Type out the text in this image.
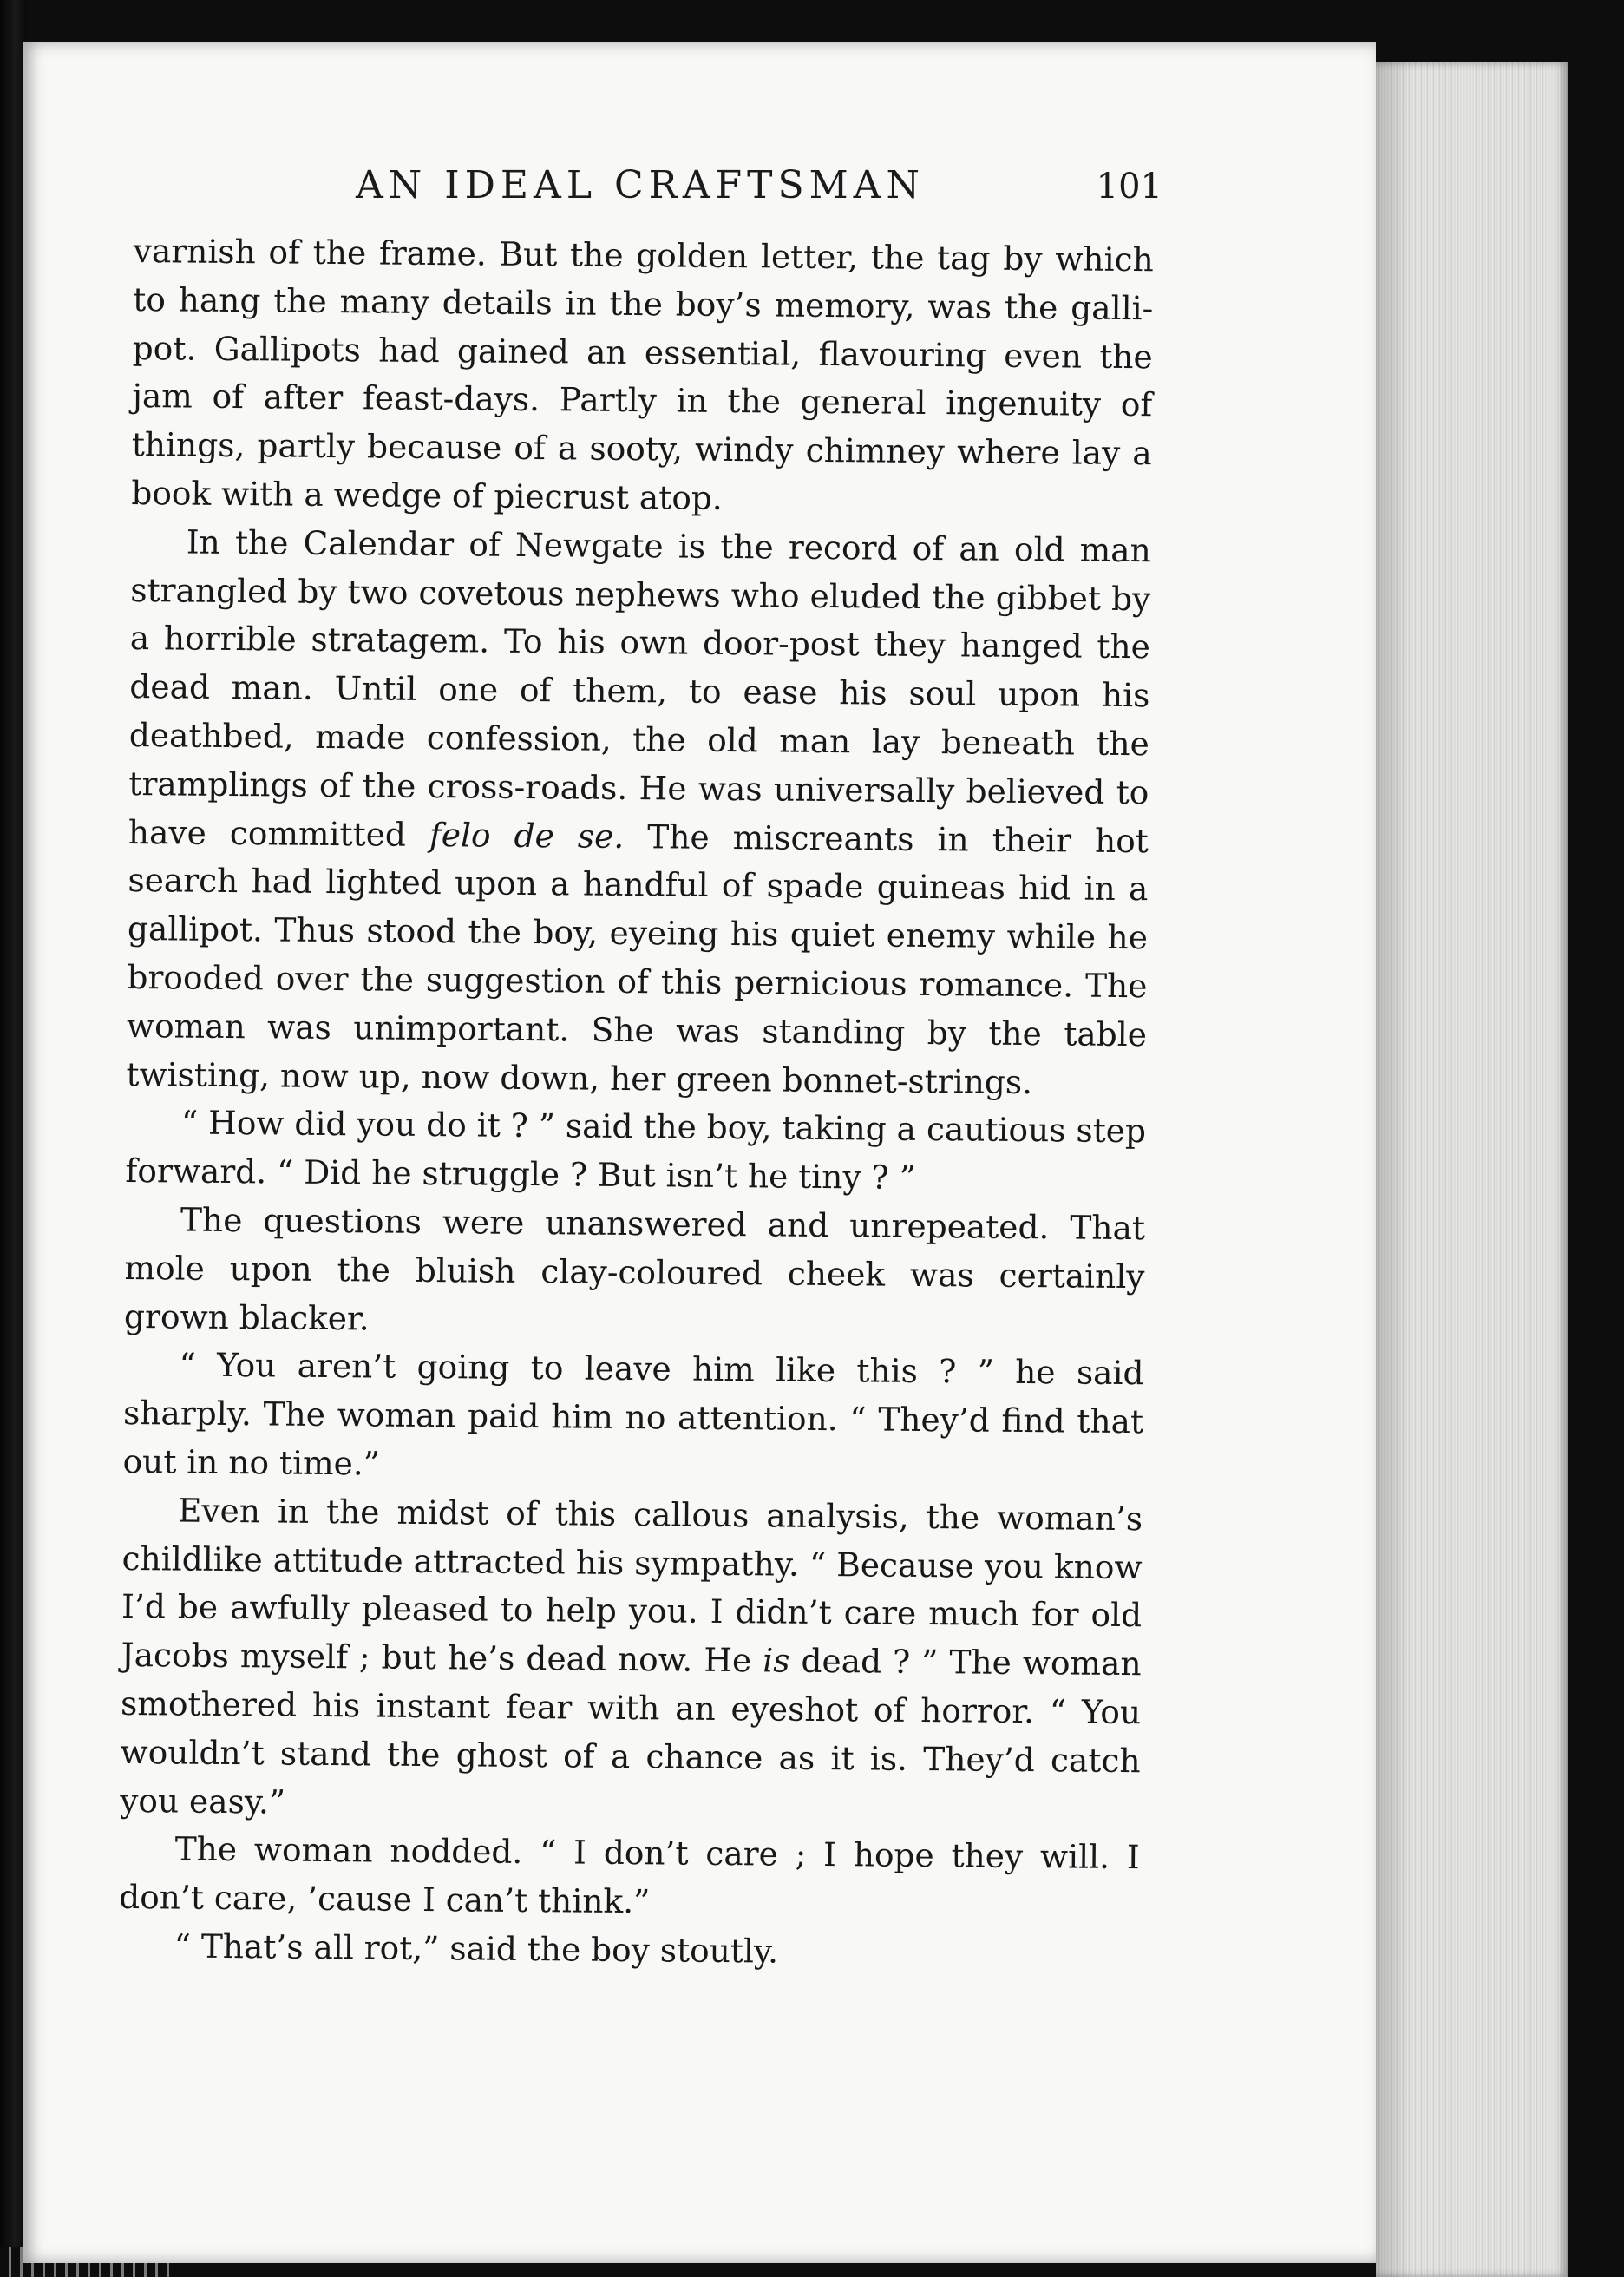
AN IDEAL CRAFTSMAN	101

varnish of the frame. But the golden letter, the tag by which to hang the many details in the boy’s memory, was the galli-pot. Gallipots had gained an essential, flavouring even the jam of after feast-days. Partly in the general ingenuity of things, partly because of a sooty, windy chimney where lay a book with a wedge of piecrust atop.

In the Calendar of Newgate is the record of an old man strangled by two covetous nephews who eluded the gibbet by a horrible stratagem. To his own door-post they hanged the dead man. Until one of them, to ease his soul upon his deathbed, made confession, the old man lay beneath the tramplings of the cross-roads. He was universally believed to have committed felo de se. The miscreants in their hot search had lighted upon a handful of spade guineas hid in a gallipot. Thus stood the boy, eyeing his quiet enemy while he brooded over the suggestion of this pernicious romance. The woman was unimportant. She was standing by the table twisting, now up, now down, her green bonnet-strings.

“ How did you do it ? ” said the boy, taking a cautious step forward. “ Did he struggle ? But isn’t he tiny ? ”

The questions were unanswered and unrepeated. That mole upon the bluish clay-coloured cheek was certainly grown blacker.

“ You aren’t going to leave him like this ? ” he said sharply. The woman paid him no attention. “ They’d find that out in no time.”

Even in the midst of this callous analysis, the woman’s childlike attitude attracted his sympathy. “ Because you know I’d be awfully pleased to help you. I didn’t care much for old Jacobs myself ; but he’s dead now. He is dead ? ” The woman smothered his instant fear with an eyeshot of horror. “ You wouldn’t stand the ghost of a chance as it is. They’d catch you easy.”

The woman nodded. “ I don’t care ; I hope they will. I don’t care, ’cause I can’t think.”

“ That’s all rot,” said the boy stoutly.
